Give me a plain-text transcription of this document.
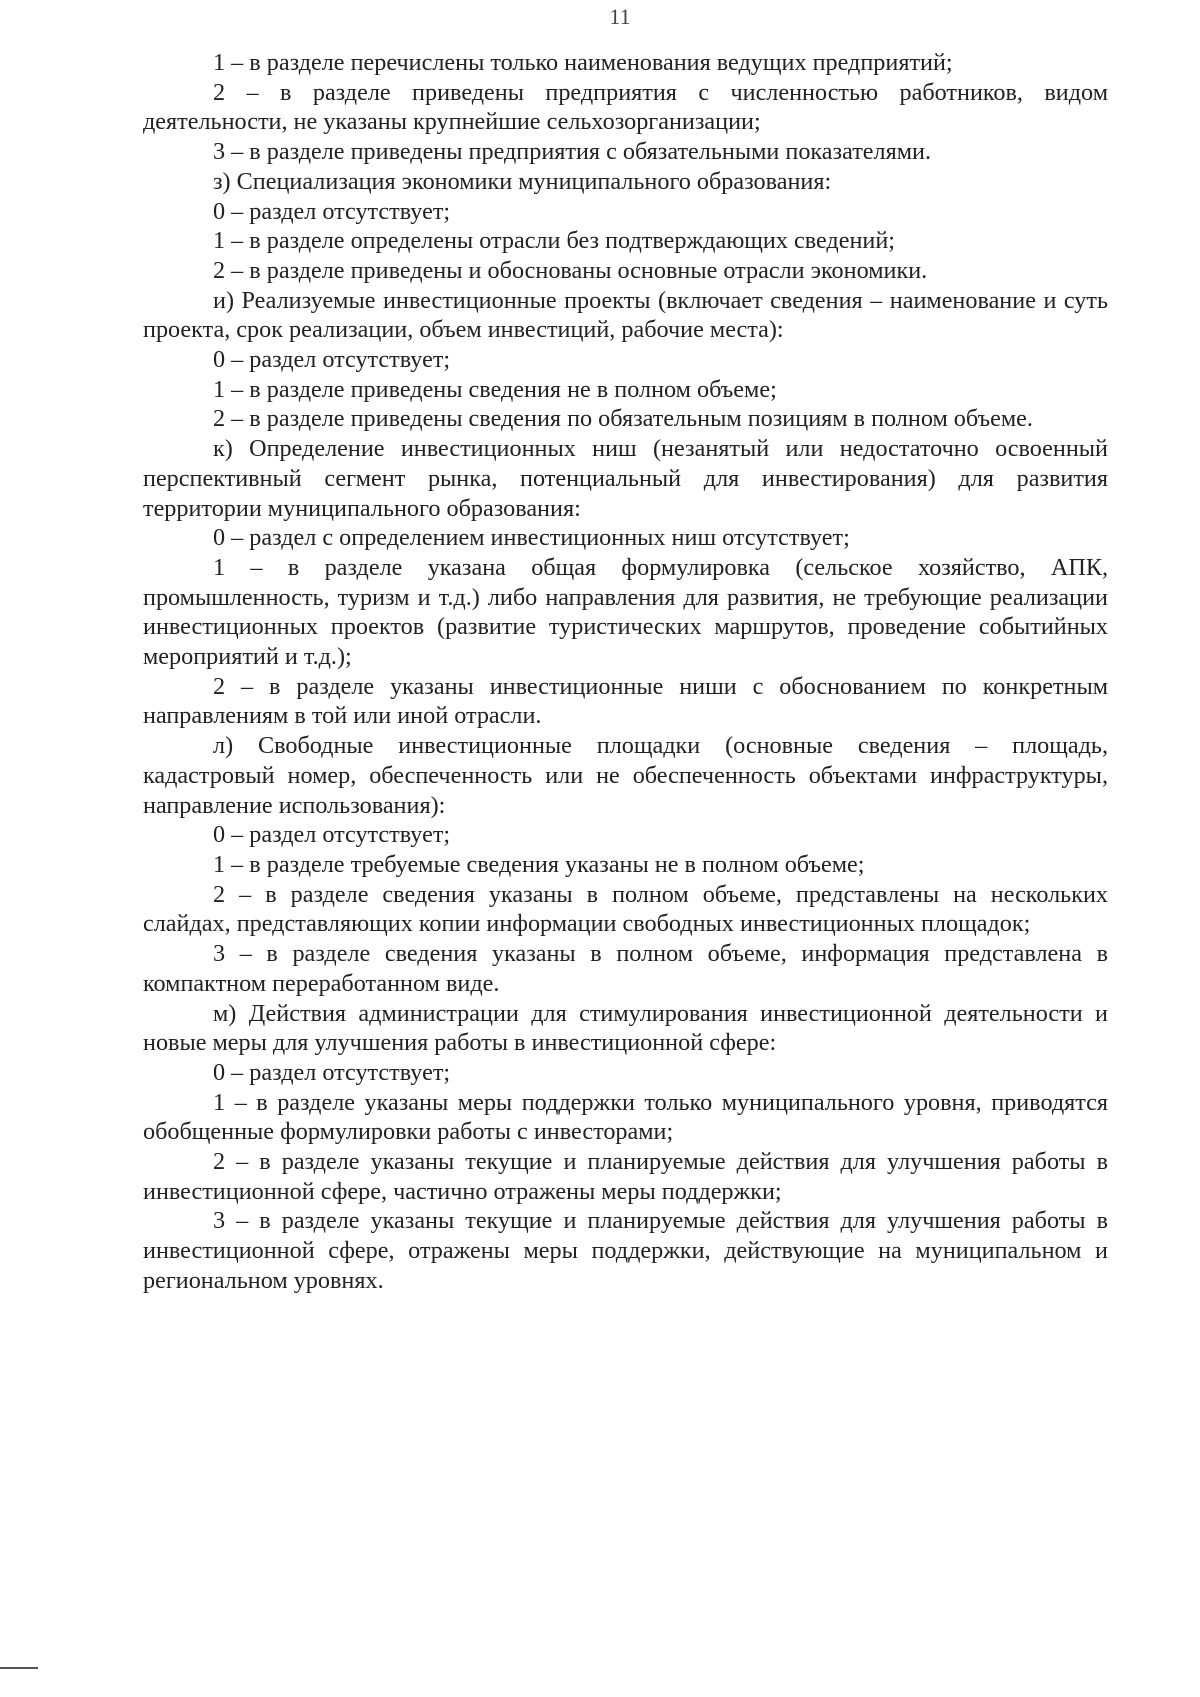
11

1 – в разделе перечислены только наименования ведущих предприятий;

2 – в разделе приведены предприятия с численностью работников, видом деятельности, не указаны крупнейшие сельхозорганизации;

3 – в разделе приведены предприятия с обязательными показателями.

з) Специализация экономики муниципального образования:

0 – раздел отсутствует;

1 – в разделе определены отрасли без подтверждающих сведений;

2 – в разделе приведены и обоснованы основные отрасли экономики.

и) Реализуемые инвестиционные проекты (включает сведения – наименование и суть проекта, срок реализации, объем инвестиций, рабочие места):

0 – раздел отсутствует;

1 – в разделе приведены сведения не в полном объеме;

2 – в разделе приведены сведения по обязательным позициям в полном объеме.

к) Определение инвестиционных ниш (незанятый или недостаточно освоенный перспективный сегмент рынка, потенциальный для инвестирования) для развития территории муниципального образования:

0 – раздел с определением инвестиционных ниш отсутствует;

1 – в разделе указана общая формулировка (сельское хозяйство, АПК, промышленность, туризм и т.д.) либо направления для развития, не требующие реализации инвестиционных проектов (развитие туристических маршрутов, проведение событийных мероприятий и т.д.);

2 – в разделе указаны инвестиционные ниши с обоснованием по конкретным направлениям в той или иной отрасли.

л) Свободные инвестиционные площадки (основные сведения – площадь, кадастровый номер, обеспеченность или не обеспеченность объектами инфраструктуры, направление использования):

0 – раздел отсутствует;

1 – в разделе требуемые сведения указаны не в полном объеме;

2 – в разделе сведения указаны в полном объеме, представлены на нескольких слайдах, представляющих копии информации свободных инвестиционных площадок;

3 – в разделе сведения указаны в полном объеме, информация представлена в компактном переработанном виде.

м) Действия администрации для стимулирования инвестиционной деятельности и новые меры для улучшения работы в инвестиционной сфере:

0 – раздел отсутствует;

1 – в разделе указаны меры поддержки только муниципального уровня, приводятся обобщенные формулировки работы с инвесторами;

2 – в разделе указаны текущие и планируемые действия для улучшения работы в инвестиционной сфере, частично отражены меры поддержки;

3 – в разделе указаны текущие и планируемые действия для улучшения работы в инвестиционной сфере, отражены меры поддержки, действующие на муниципальном и региональном уровнях.
